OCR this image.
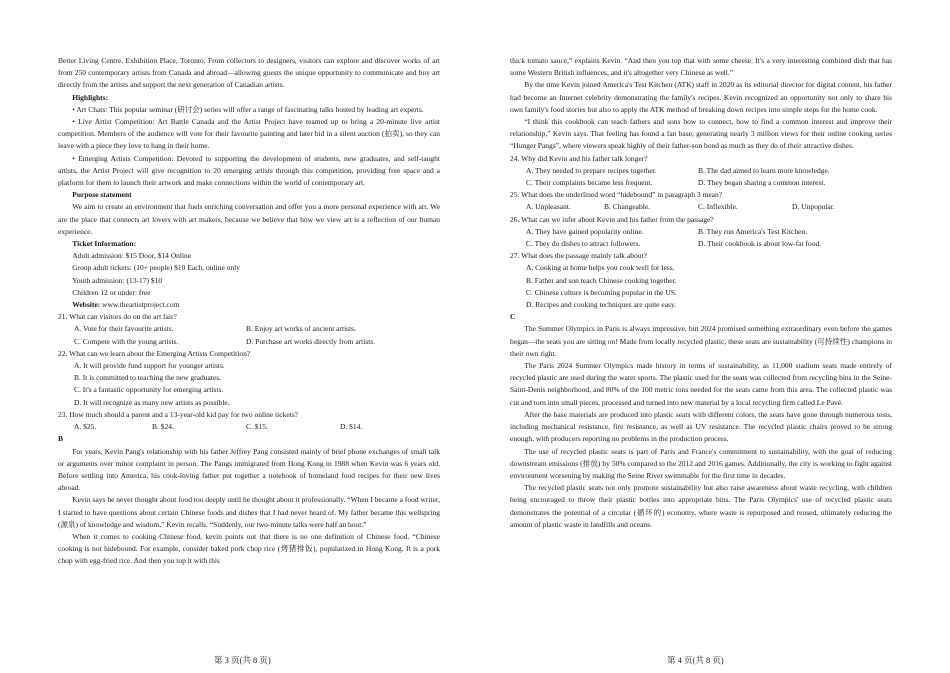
Better Living Centre, Exhibition Place, Toronto. From collectors to designers, visitors can explore and discover works of art from 250 contemporary artists from Canada and abroad—allowing guests the unique opportunity to communicate and buy art directly from the artists and support the next generation of Canadian artists.

Highlights:

• Art Chats: This popular seminar (研讨会) series will offer a range of fascinating talks hosted by leading art experts.

• Live Artist Competition: Art Battle Canada and the Artist Project have teamed up to bring a 20-minute live artist competition. Members of the audience will vote for their favourite painting and later bid in a silent auction (拍卖), so they can leave with a piece they love to hang in their home.

• Emerging Artists Competition: Devoted to supporting the development of students, new graduates, and self-taught artists, the Artist Project will give recognition to 20 emerging artists through this competition, providing free space and a platform for them to launch their artwork and make connections within the world of contemporary art.

Purpose statement

We aim to create an environment that fuels enriching conversation and offer you a more personal experience with art. We are the place that connects art lovers with art makers, because we believe that how we view art is a reflection of our human experience.

Ticket Information:

Adult admission: $15 Door, $14 Online

Group adult tickets: (10+ people) $10 Each, online only

Youth admission: (13-17) $10

Children 12 or under: free

Website: www.theartistproject.com

21. What can visitors do on the art fair?

A. Vote for their favourite artists.	B. Enjoy art works of ancient artists.
C. Compete with the young artists.	D. Purchase art works directly from artists.

22. What can we learn about the Emerging Artists Competition?

A. It will provide fund support for younger artists.

B. It is committed to teaching the new graduates.

C. It's a fantastic opportunity for emerging artists.

D. It will recognize as many new artists as possible.

23. How much should a parent and a 13-year-old kid pay for two online tickets?

A. $25.	B. $24.	C. $15.	D. $14.

B

For years, Kevin Pang's relationship with his father Jeffrey Pang consisted mainly of brief phone exchanges of small talk or arguments over minor complaint in person. The Pangs immigrated from Hong Kong in 1988 when Kevin was 6 years old. Before settling into America, his cook-loving father put together a notebook of homeland food recipes for their new lives abroad.

Kevin says he never thought about food too deeply until he thought about it professionally. “When I became a food writer, I started to have questions about certain Chinese foods and dishes that I had never heard of. My father became this wellspring (源泉) of knowledge and wisdom,” Kevin recalls. “Suddenly, our two-minute talks were half an hour.”

When it comes to cooking Chinese food, kevin points out that there is no one definition of Chinese food. “Chinese cooking is not hidebound. For example, consider baked pork chop rice (烤猪排饭), popularized in Hong Kong. It is a pork chop with egg-fried rice. And then you top it with this

thick tomato sauce,” explains Kevin. “And then you top that with some cheese. It's a very interesting combined dish that has some Western British influences, and it's altogether very Chinese as well.”

By the time Kevin joined America's Test Kitchen (ATK) staff in 2020 as its editorial director for digital content, his father had become an Internet celebrity demonstrating the family's recipes. Kevin recognized an opportunity not only to share his own family's food stories but also to apply the ATK method of breaking down recipes into simple steps for the home cook.

“I think this cookbook can teach fathers and sons how to connect, how to find a common interest and improve their relationship,” Kevin says. That feeling has found a fan base, generating nearly 3 million views for their online cooking series “Hunger Pangs”, where viewers speak highly of their father-son bond as much as they do of their attractive dishes.

24. Why did Kevin and his father talk longer?

A. They needed to prepare recipes together.	B. The dad aimed to learn more knowledge.
C. Their complaints became less frequent.	D. They began sharing a common interest.

25. What does the underlined word “hidebound” in paragraph 3 mean?

A. Unpleasant.	B. Changeable.	C. Inflexible.	D. Unpopular.

26. What can we infer about Kevin and his father from the passage?

A. They have gained popularity online.	B. They run America's Test Kitchen.
C. They do dishes to attract followers.	D. Their cookbook is about low-fat food.

27. What does the passage mainly talk about?

A. Cooking at home helps you cook well for less.

B. Father and son teach Chinese cooking together.

C. Chinese culture is becoming popular in the US.

D. Recipes and cooking techniques are quite easy.

C

The Summer Olympics in Paris is always impressive, but 2024 promised something extraordinary even before the games began—the seats you are sitting on! Made from locally recycled plastic, these seats are sustainability (可持续性) champions in their own right.

The Paris 2024 Summer Olympics made history in terms of sustainability, as 11,000 stadium seats made entirely of recycled plastic are used during the water sports. The plastic used for the seats was collected from recycling bins in the Seine-Saint-Denis neighborhood, and 80% of the 100 metric tons needed for the seats came from this area. The collected plastic was cut and torn into small pieces, processed and turned into new material by a local recycling firm called Le Pavé.

After the base materials are produced into plastic seats with different colors, the seats have gone through numerous tests, including mechanical resistance, fire resistance, as well as UV resistance. The recycled plastic chairs proved to be strong enough, with producers reporting no problems in the production process.

The use of recycled plastic seats is part of Paris and France's commitment to sustainability, with the goal of reducing downstream emissions (排放) by 50% compared to the 2012 and 2016 games. Additionally, the city is working to fight against environment worsening by making the Seine River swimmable for the first time in decades.

The recycled plastic seats not only promote sustainability but also raise awareness about waste recycling, with children being encouraged to throw their plastic bottles into appropriate bins. The Paris Olympics' use of recycled plastic seats demonstrates the potential of a circular (循环的) economy, where waste is repurposed and reused, ultimately reducing the amount of plastic waste in landfills and oceans.

第 3 页(共 8 页)	第 4 页(共 8 页)
